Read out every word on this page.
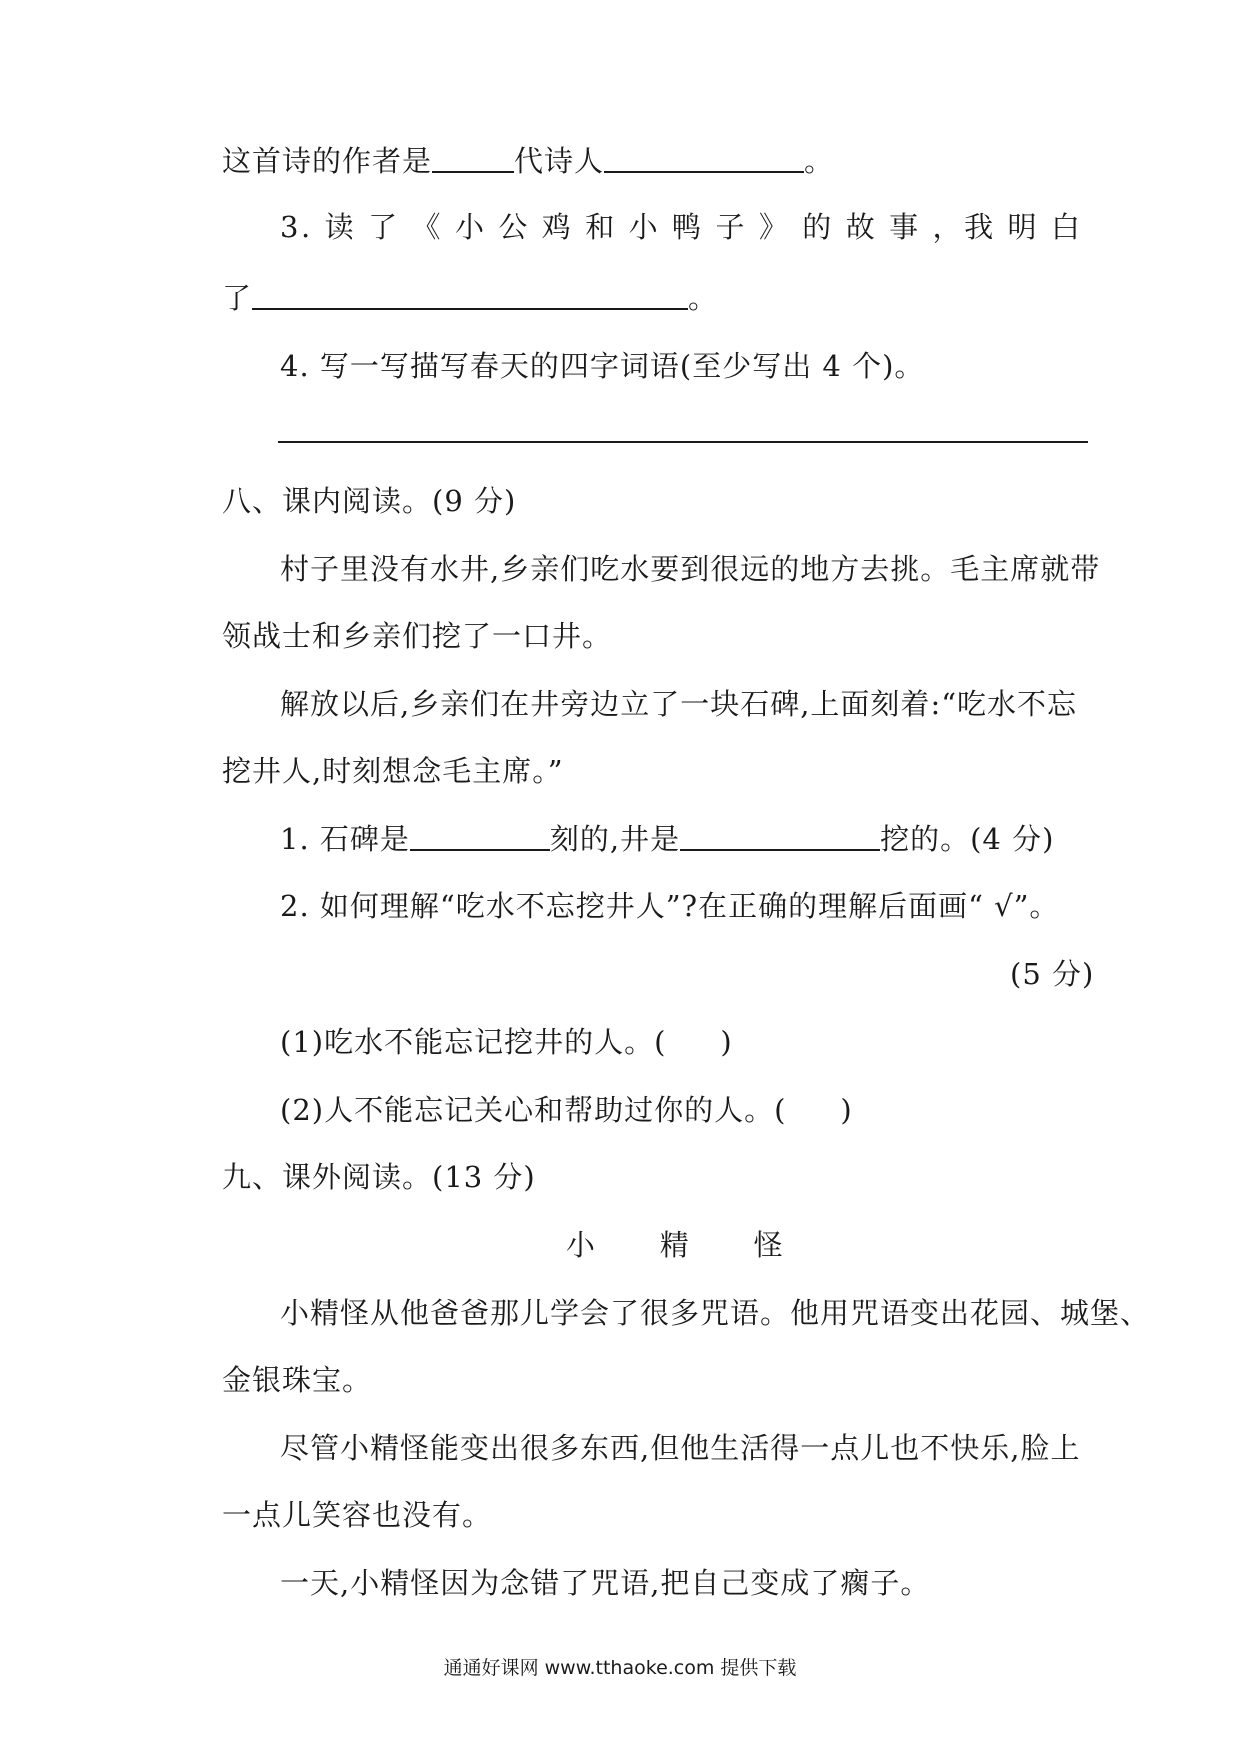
这首诗的作者是	代诗人	。
3. 读 了 《 小 公 鸡 和 小 鸭 子 》 的 故 事 ，我 明 白
了	。
4. 写一写描写春天的四字词语(至少写出 4 个)。
八、课内阅读。(9 分)
村子里没有水井,乡亲们吃水要到很远的地方去挑。毛主席就带
领战士和乡亲们挖了一口井。
解放以后,乡亲们在井旁边立了一块石碑,上面刻着:“吃水不忘
挖井人,时刻想念毛主席。”
1. 石碑是	刻的,井是	挖的。(4 分)
2. 如何理解“吃水不忘挖井人”?在正确的理解后面画“ √”。
(5 分)
(1)吃水不能忘记挖井的人。( )
(2)人不能忘记关心和帮助过你的人。( )
九、课外阅读。(13 分)
小  精  怪
小精怪从他爸爸那儿学会了很多咒语。他用咒语变出花园、城堡、
金银珠宝。
尽管小精怪能变出很多东西,但他生活得一点儿也不快乐,脸上
一点儿笑容也没有。
一天,小精怪因为念错了咒语,把自己变成了瘸子。
通通好课网 www.tthaoke.com 提供下载
